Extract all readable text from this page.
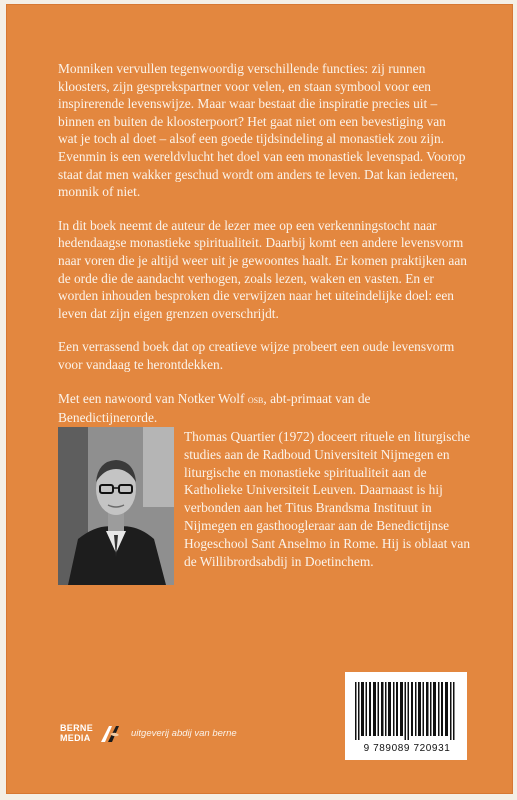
Monniken vervullen tegenwoordig verschillende functies: zij runnen kloosters, zijn gesprekspartner voor velen, en staan symbool voor een inspirerende levenswijze. Maar waar bestaat die inspiratie precies uit – binnen en buiten de kloosterpoort? Het gaat niet om een bevestiging van wat je toch al doet – alsof een goede tijdsindeling al monastiek zou zijn. Evenmin is een wereldvlucht het doel van een monastiek levenspad. Voorop staat dat men wakker geschud wordt om anders te leven. Dat kan iedereen, monnik of niet.

In dit boek neemt de auteur de lezer mee op een verkenningstocht naar hedendaagse monastieke spiritualiteit. Daarbij komt een andere levensvorm naar voren die je altijd weer uit je gewoontes haalt. Er komen praktijken aan de orde die de aandacht verhogen, zoals lezen, waken en vasten. En er worden inhouden besproken die verwijzen naar het uiteindelijke doel: een leven dat zijn eigen grenzen overschrijdt.

Een verrassend boek dat op creatieve wijze probeert een oude levensvorm voor vandaag te herontdekken.

Met een nawoord van Notker Wolf osb, abt-primaat van de Benedictijnerorde.

Thomas Quartier (1972) doceert rituele en liturgische studies aan de Radboud Universiteit Nijmegen en liturgische en monastieke spiritualiteit aan de Katholieke Universiteit Leuven. Daarnaast is hij verbonden aan het Titus Brandsma Instituut in Nijmegen en gasthoogleraar aan de Benedictijnse Hogeschool Sant Anselmo in Rome. Hij is oblaat van de Willibrordsabdij in Doetinchem.
BERNE
MEDIA	uitgeverij abdij van berne
9 789089 720931
